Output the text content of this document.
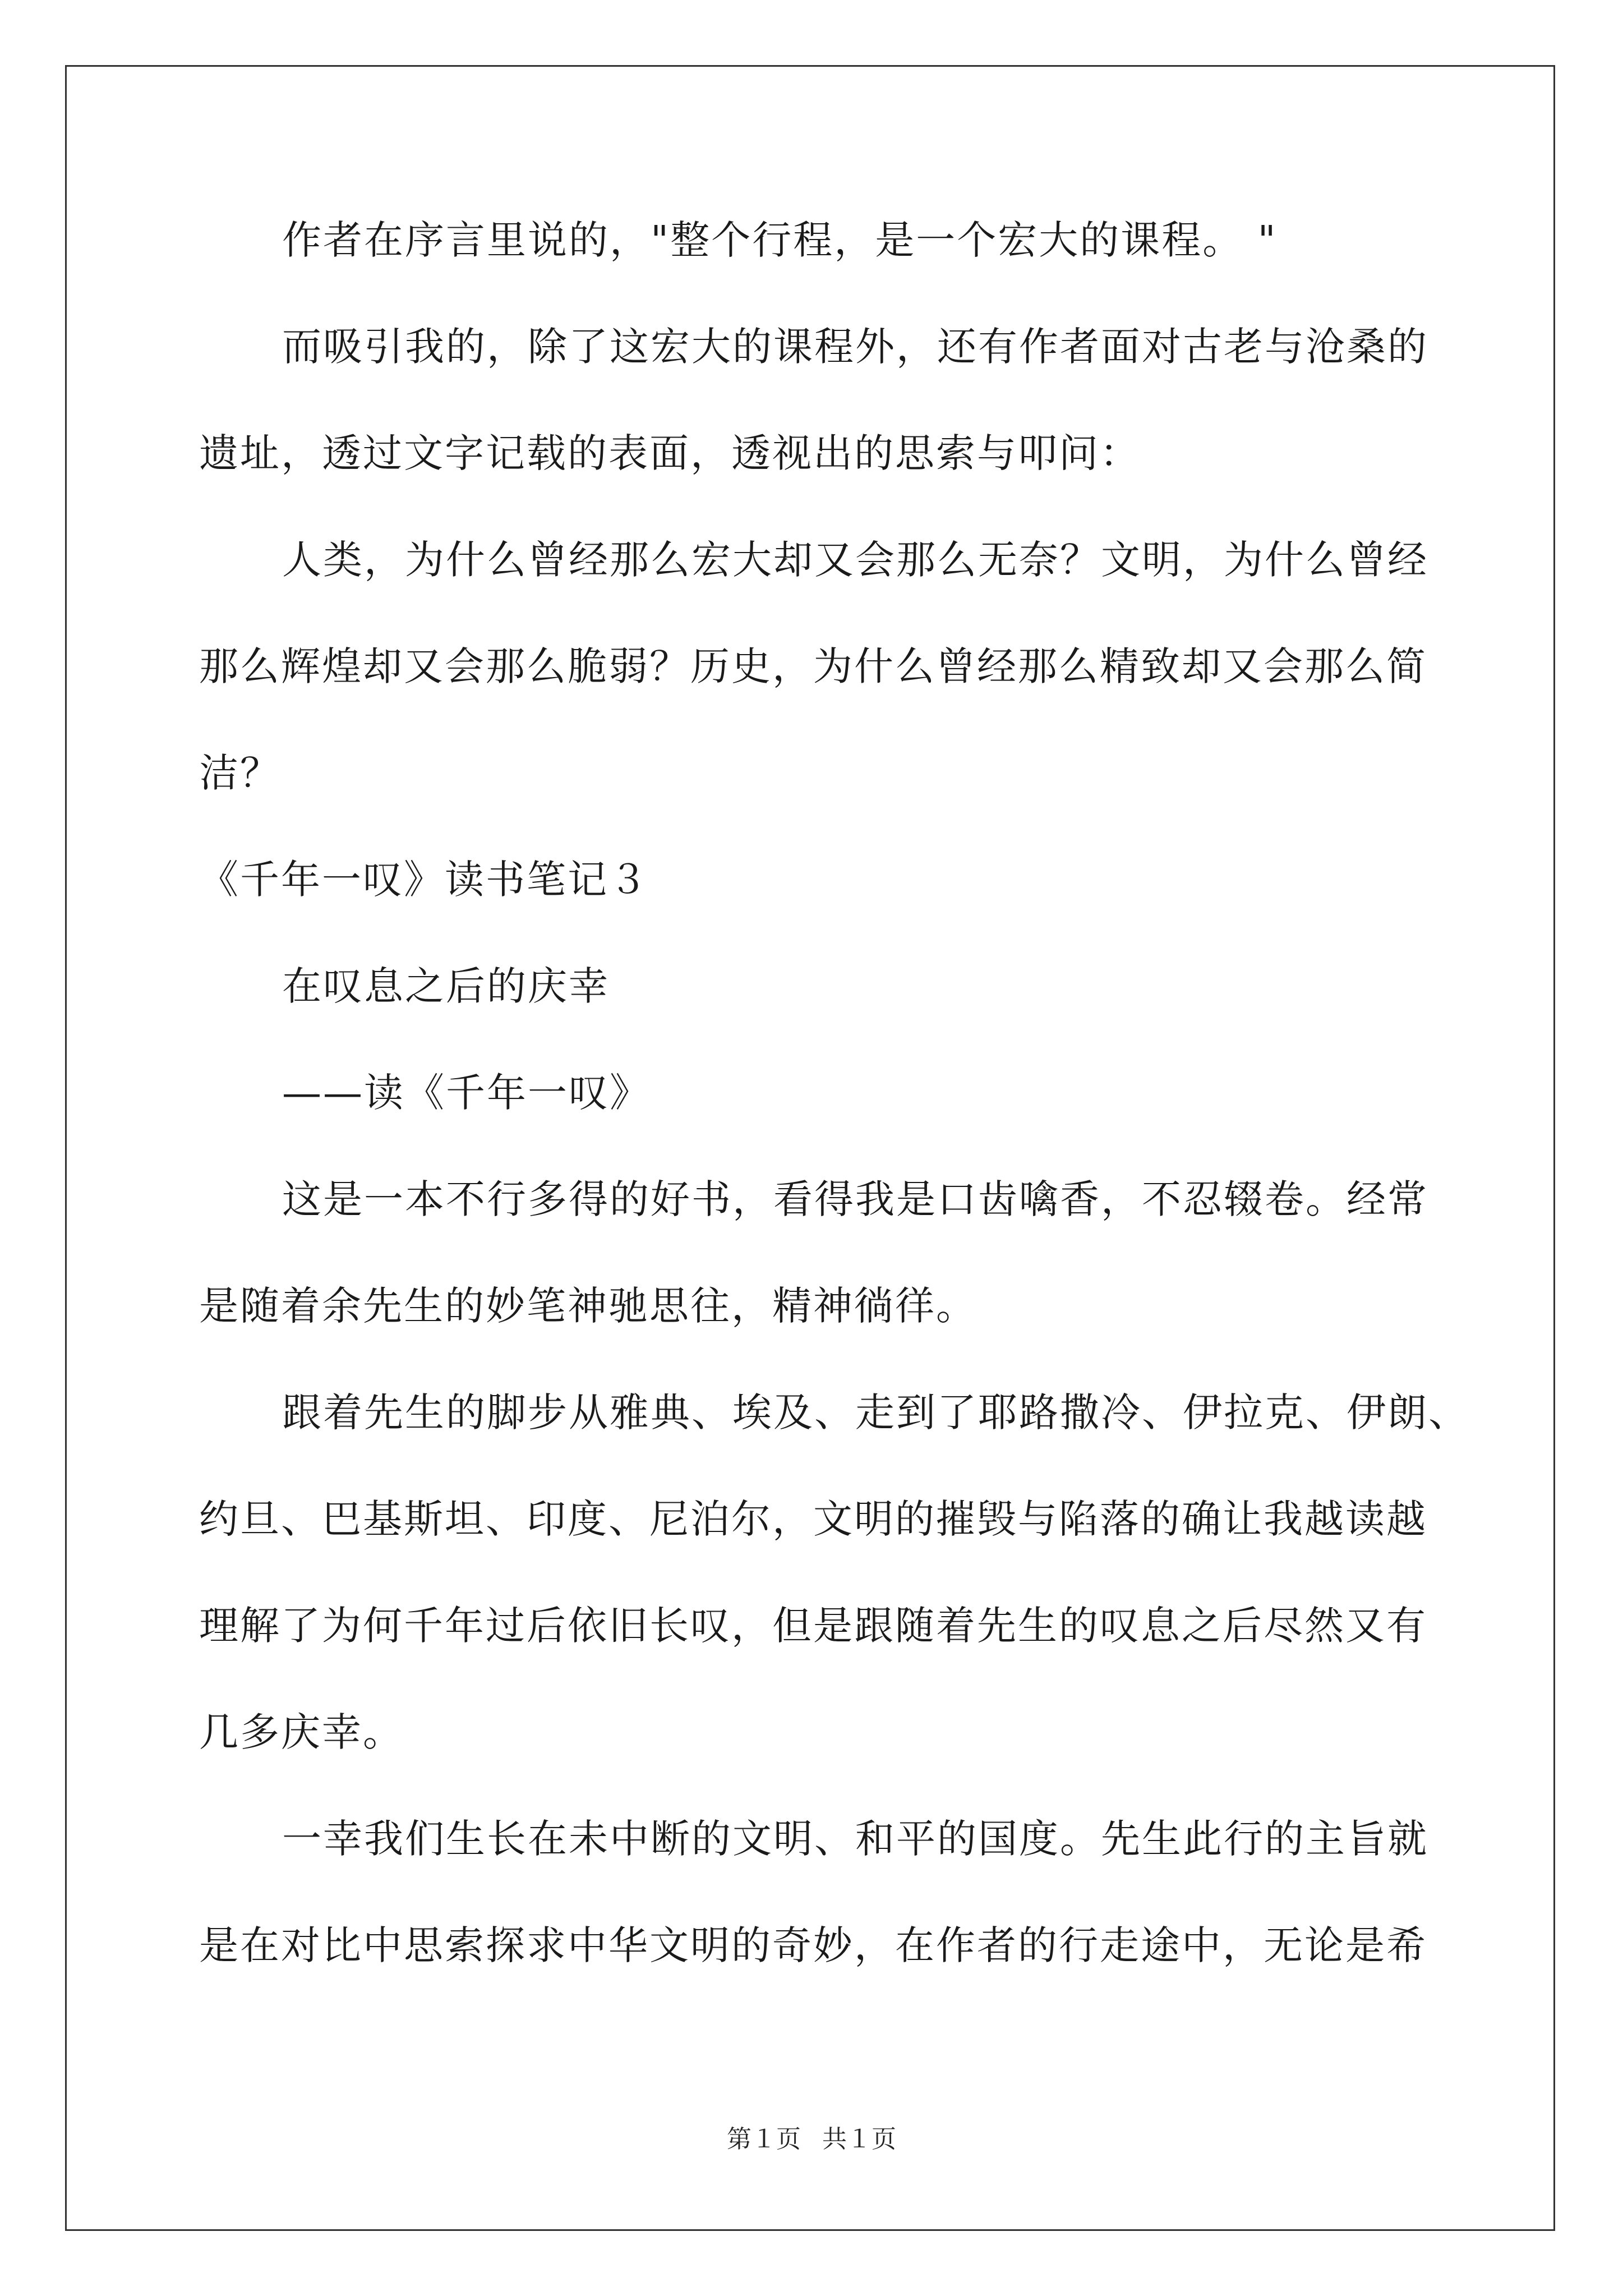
作者在序言里说的，"整个行程，是一个宏大的课程。 "
而吸引我的，除了这宏大的课程外，还有作者面对古老与沧桑的
遗址，透过文字记载的表面，透视出的思索与叩问：
人类，为什么曾经那么宏大却又会那么无奈？文明，为什么曾经
那么辉煌却又会那么脆弱？历史，为什么曾经那么精致却又会那么简
洁？
《千年一叹》读书笔记３
在叹息之后的庆幸
——读《千年一叹》
这是一本不行多得的好书，看得我是口齿噙香，不忍辍卷。经常
是随着余先生的妙笔神驰思往，精神徜徉。
跟着先生的脚步从雅典、埃及、走到了耶路撒冷、伊拉克、伊朗、
约旦、巴基斯坦、印度、尼泊尔，文明的摧毁与陷落的确让我越读越
理解了为何千年过后依旧长叹，但是跟随着先生的叹息之后尽然又有
几多庆幸。
一幸我们生长在未中断的文明、和平的国度。先生此行的主旨就
是在对比中思索探求中华文明的奇妙，在作者的行走途中，无论是希
第１页 共１页
